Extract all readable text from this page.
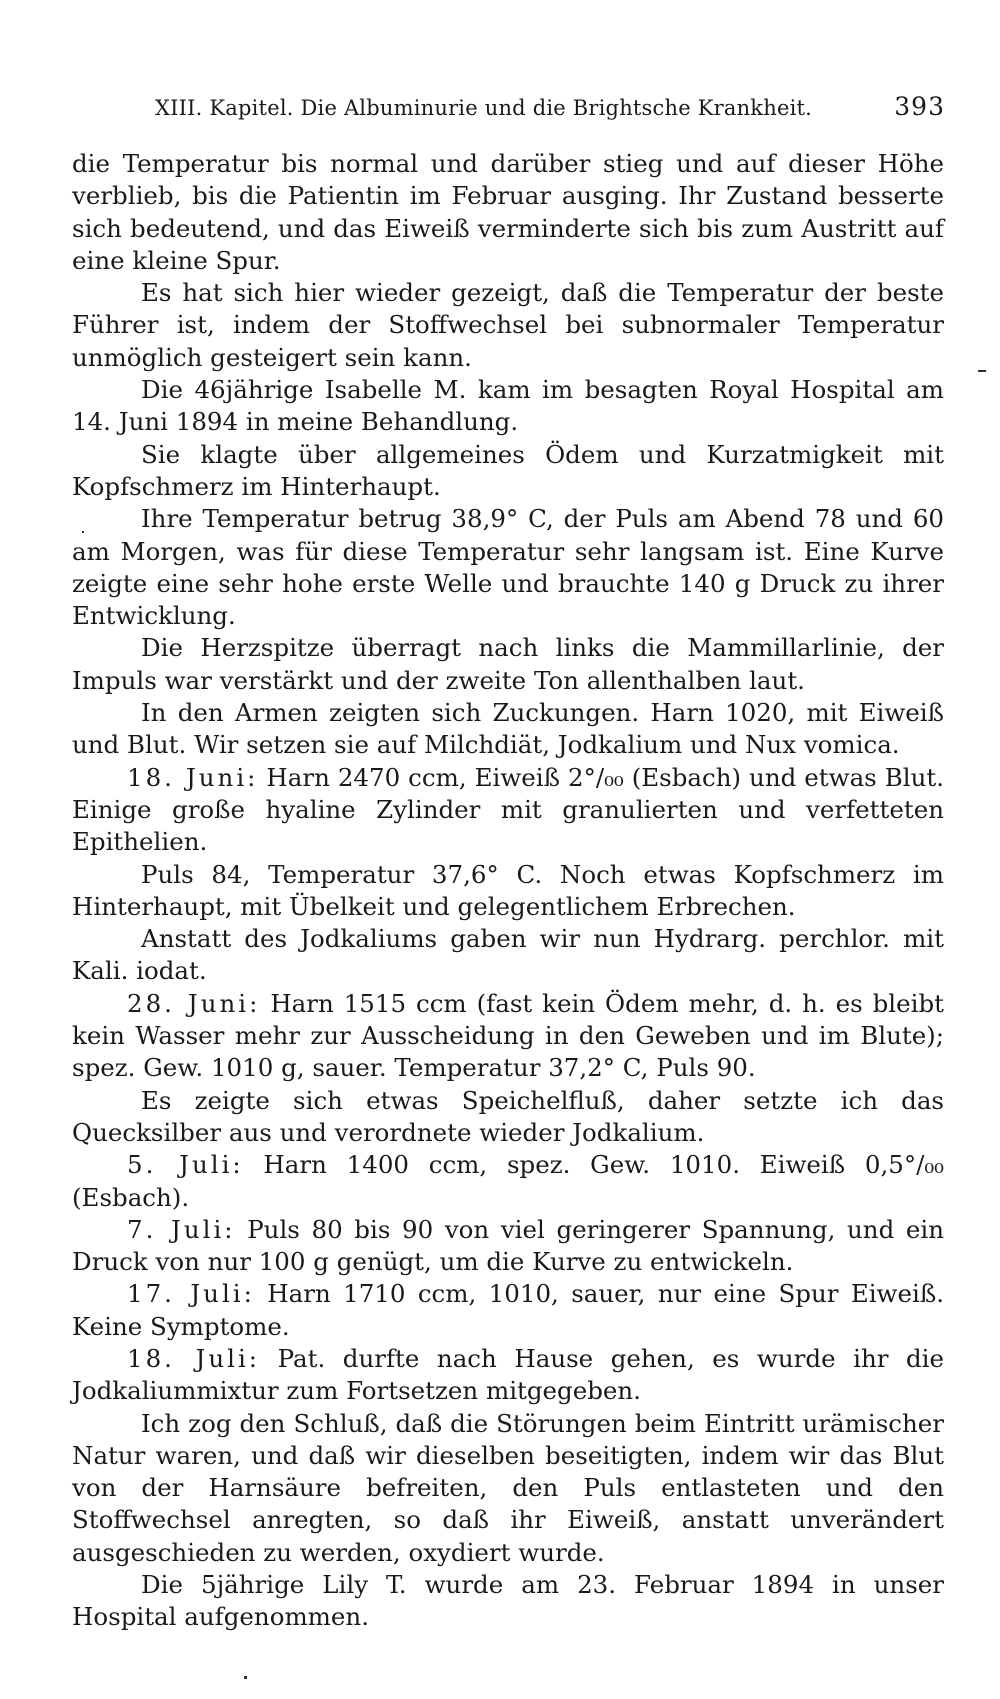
XIII. Kapitel. Die Albuminurie und die Brightsche Krankheit.	393

die Temperatur bis normal und darüber stieg und auf dieser Höhe verblieb, bis die Patientin im Februar ausging. Ihr Zustand besserte sich bedeutend, und das Eiweiß verminderte sich bis zum Austritt auf eine kleine Spur.

Es hat sich hier wieder gezeigt, daß die Temperatur der beste Führer ist, indem der Stoffwechsel bei subnormaler Temperatur unmöglich gesteigert sein kann.

Die 46jährige Isabelle M. kam im besagten Royal Hospital am 14. Juni 1894 in meine Behandlung.

Sie klagte über allgemeines Ödem und Kurzatmigkeit mit Kopfschmerz im Hinterhaupt.

Ihre Temperatur betrug 38,9° C, der Puls am Abend 78 und 60 am Morgen, was für diese Temperatur sehr langsam ist. Eine Kurve zeigte eine sehr hohe erste Welle und brauchte 140 g Druck zu ihrer Entwicklung.

Die Herzspitze überragt nach links die Mammillarlinie, der Impuls war verstärkt und der zweite Ton allenthalben laut.

In den Armen zeigten sich Zuckungen. Harn 1020, mit Eiweiß und Blut. Wir setzen sie auf Milchdiät, Jodkalium und Nux vomica.

18. Juni: Harn 2470 ccm, Eiweiß 2°/₀₀ (Esbach) und etwas Blut. Einige große hyaline Zylinder mit granulierten und verfetteten Epithelien.

Puls 84, Temperatur 37,6° C. Noch etwas Kopfschmerz im Hinterhaupt, mit Übelkeit und gelegentlichem Erbrechen.

Anstatt des Jodkaliums gaben wir nun Hydrarg. perchlor. mit Kali. iodat.

28. Juni: Harn 1515 ccm (fast kein Ödem mehr, d. h. es bleibt kein Wasser mehr zur Ausscheidung in den Geweben und im Blute); spez. Gew. 1010 g, sauer. Temperatur 37,2° C, Puls 90.

Es zeigte sich etwas Speichelfluß, daher setzte ich das Quecksilber aus und verordnete wieder Jodkalium.

5. Juli: Harn 1400 ccm, spez. Gew. 1010. Eiweiß 0,5°/₀₀ (Esbach).

7. Juli: Puls 80 bis 90 von viel geringerer Spannung, und ein Druck von nur 100 g genügt, um die Kurve zu entwickeln.

17. Juli: Harn 1710 ccm, 1010, sauer, nur eine Spur Eiweiß. Keine Symptome.

18. Juli: Pat. durfte nach Hause gehen, es wurde ihr die Jodkaliummixtur zum Fortsetzen mitgegeben.

Ich zog den Schluß, daß die Störungen beim Eintritt urämischer Natur waren, und daß wir dieselben beseitigten, indem wir das Blut von der Harnsäure befreiten, den Puls entlasteten und den Stoffwechsel anregten, so daß ihr Eiweiß, anstatt unverändert ausgeschieden zu werden, oxydiert wurde.

Die 5jährige Lily T. wurde am 23. Februar 1894 in unser Hospital aufgenommen.
